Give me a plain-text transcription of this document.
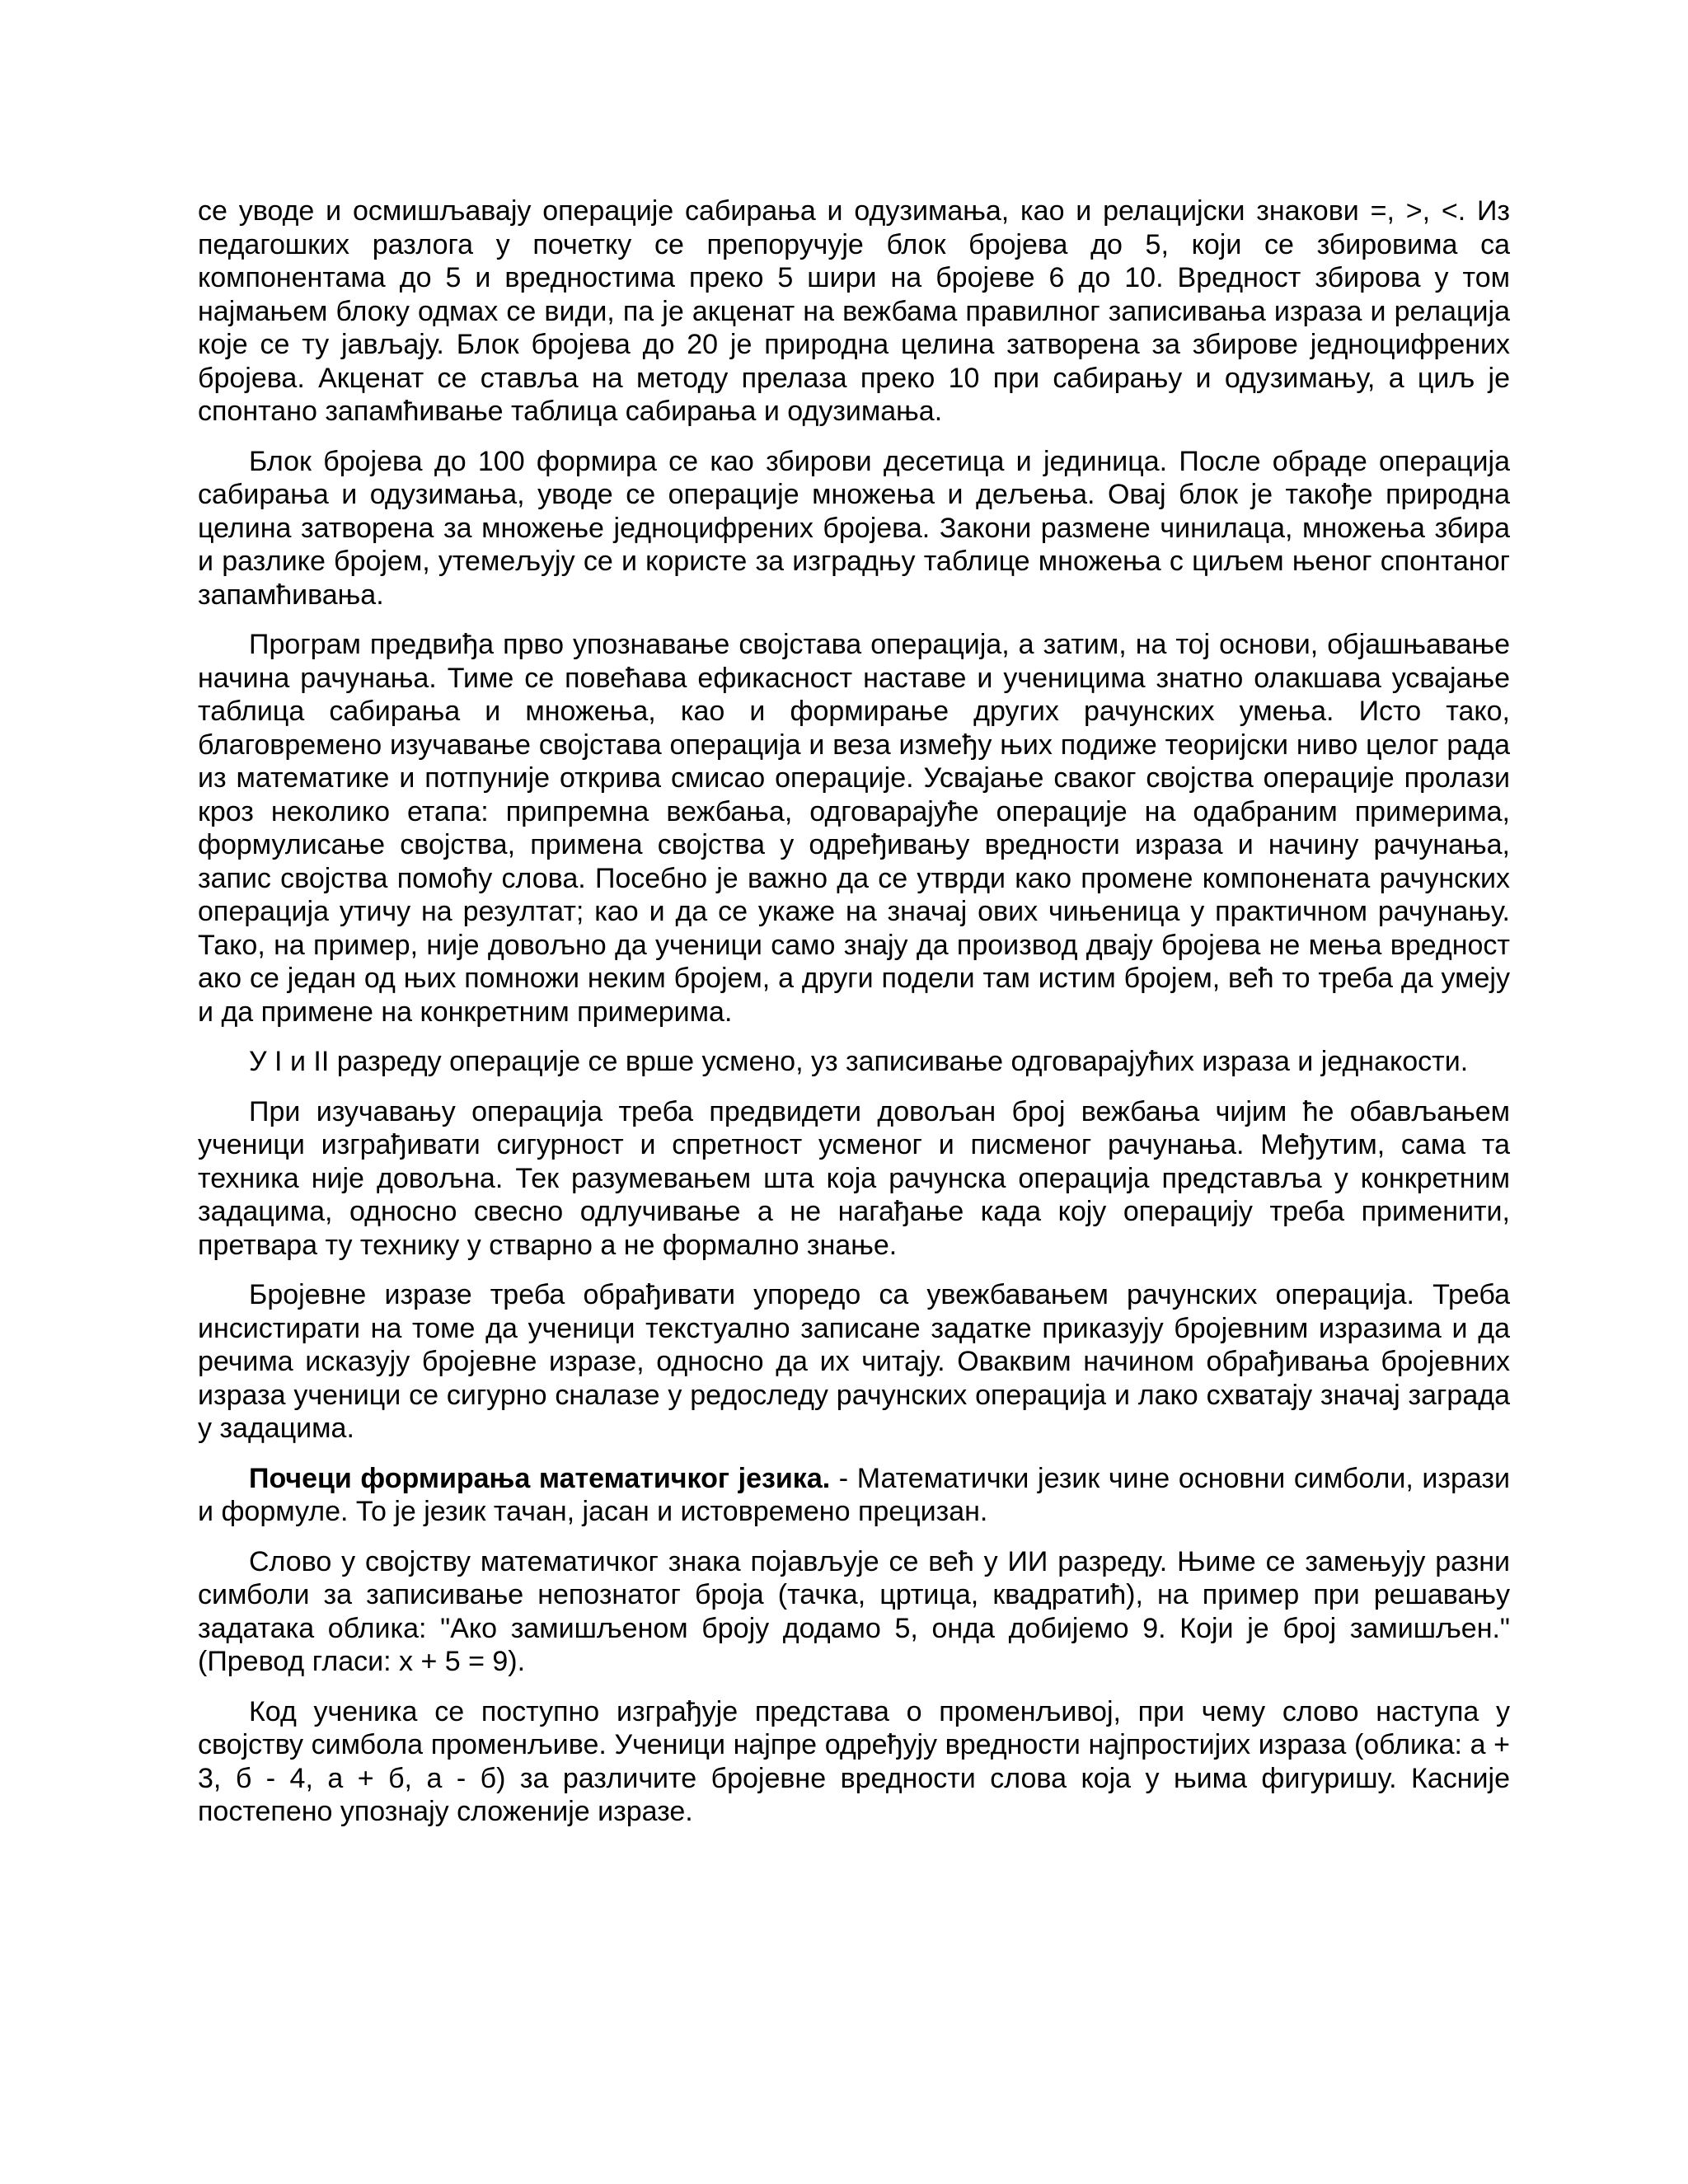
се уводе и осмишљавају операције сабирања и одузимања, као и релацијски знакови =, >, <. Из педагошких разлога у почетку се препоручује блок бројева до 5, који се збировима са компонентама до 5 и вредностима преко 5 шири на бројеве 6 до 10. Вредност збирова у том најмањем блоку одмах се види, па је акценат на вежбама правилног записивања израза и релација које се ту јављају. Блок бројева до 20 је природна целина затворена за збирове једноцифрених бројева. Акценат се ставља на методу прелаза преко 10 при сабирању и одузимању, а циљ је спонтано запамћивање таблица сабирања и одузимања.

Блок бројева до 100 формира се као збирови десетица и јединица. После обраде операција сабирања и одузимања, уводе се операције множења и дељења. Овај блок је такође природна целина затворена за множење једноцифрених бројева. Закони размене чинилаца, множења збира и разлике бројем, утемељују се и користе за изградњу таблице множења с циљем њеног спонтаног запамћивања.

Програм предвиђа прво упознавање својстава операција, а затим, на тој основи, објашњавање начина рачунања. Тиме се повећава ефикасност наставе и ученицима знатно олакшава усвајање таблица сабирања и множења, као и формирање других рачунских умења. Исто тако, благовремено изучавање својстава операција и веза између њих подиже теоријски ниво целог рада из математике и потпуније открива смисао операције. Усвајање сваког својства операције пролази кроз неколико етапа: припремна вежбања, одговарајуће операције на одабраним примерима, формулисање својства, примена својства у одређивању вредности израза и начину рачунања, запис својства помоћу слова. Посебно је важно да се утврди како промене компонената рачунских операција утичу на резултат; као и да се укаже на значај ових чињеница у практичном рачунању. Тако, на пример, није довољно да ученици само знају да производ двају бројева не мења вредност ако се један од њих помножи неким бројем, а други подели там истим бројем, већ то треба да умеју и да примене на конкретним примерима.

У I и II разреду операције се врше усмено, уз записивање одговарајућих израза и једнакости.

При изучавању операција треба предвидети довољан број вежбања чијим ће обављањем ученици изграђивати сигурност и спретност усменог и писменог рачунања. Међутим, сама та техника није довољна. Тек разумевањем шта која рачунска операција представља у конкретним задацима, односно свесно одлучивање а не нагађање када коју операцију треба применити, претвара ту технику у стварно а не формално знање.

Бројевне изразе треба обрађивати упоредо са увежбавањем рачунских операција. Треба инсистирати на томе да ученици текстуално записане задатке приказују бројевним изразима и да речима исказују бројевне изразе, односно да их читају. Оваквим начином обрађивања бројевних израза ученици се сигурно сналазе у редоследу рачунских операција и лако схватају значај заграда у задацима.

Почеци формирања математичког језика. - Математички језик чине основни симболи, изрази и формуле. То је језик тачан, јасан и истовремено прецизан.

Слово у својству математичког знака појављује се већ у ИИ разреду. Њиме се замењују разни симболи за записивање непознатог броја (тачка, цртица, квадратић), на пример при решавању задатака облика: "Ако замишљеном броју додамо 5, онда добијемо 9. Који је број замишљен." (Превод гласи: x + 5 = 9).

Код ученика се поступно изграђује представа о променљивој, при чему слово наступа у својству симбола променљиве. Ученици најпре одређују вредности најпростијих израза (облика: а + 3, б - 4, а + б, а - б) за различите бројевне вредности слова која у њима фигуришу. Касније постепено упознају сложеније изразе.
